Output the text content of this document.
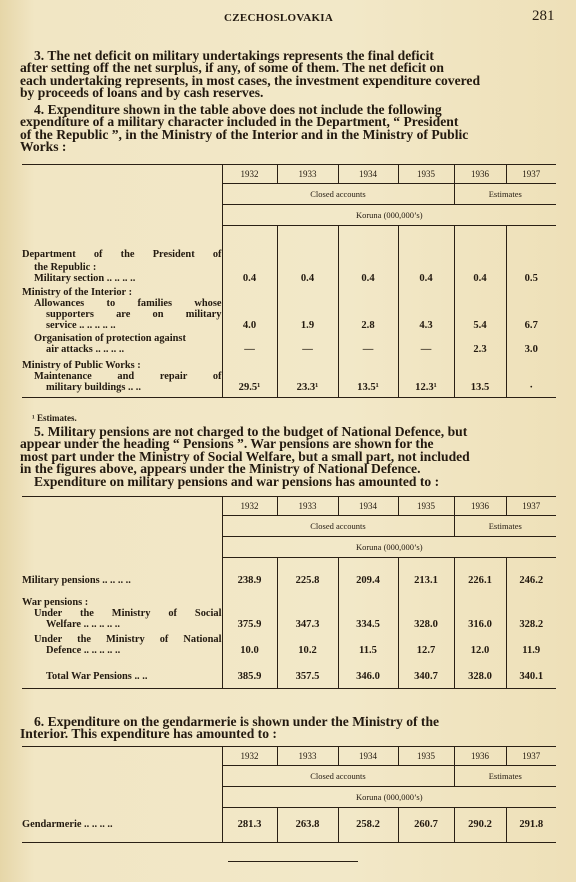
CZECHOSLOVAKIA	281

3. The net deficit on military undertakings represents the final deficit

after setting off the net surplus, if any, of some of them. The net deficit on

each undertaking represents, in most cases, the investment expenditure covered

by proceeds of loans and by cash reserves.

4. Expenditure shown in the table above does not include the following

expenditure of a military character included in the Department, “ President

of the Republic ”, in the Ministry of the Interior and in the Ministry of Public

Works :

	1932	1933	1934	1935	1936	1937
	Closed accounts				Estimates	
	Koruna (000,000’s)					

Department of the President of
the Republic :
Military section .. .. .. ..	0.4	0.4	0.4	0.4	0.4	0.5

Ministry of the Interior :
Allowances to families whose
supporters are on military
service .. .. .. .. ..	4.0	1.9	2.8	4.3	5.4	6.7

Organisation of protection against
air attacks .. .. .. ..	—	—	—	—	2.3	3.0

Ministry of Public Works :
Maintenance and repair of
military buildings .. ..	29.5¹	23.3¹	13.5¹	12.3¹	13.5	·
¹ Estimates.

5. Military pensions are not charged to the budget of National Defence, but

appear under the heading “ Pensions ”. War pensions are shown for the

most part under the Ministry of Social Welfare, but a small part, not included

in the figures above, appears under the Ministry of National Defence.

Expenditure on military pensions and war pensions has amounted to :

	1932	1933	1934	1935	1936	1937
	Closed accounts				Estimates	
	Koruna (000,000’s)					

Military pensions .. .. .. ..	238.9	225.8	209.4	213.1	226.1	246.2

War pensions :
Under the Ministry of Social
Welfare .. .. .. .. ..	375.9	347.3	334.5	328.0	316.0	328.2

Under the Ministry of National
Defence .. .. .. .. ..	10.0	10.2	11.5	12.7	12.0	11.9

Total War Pensions .. ..	385.9	357.5	346.0	340.7	328.0	340.1

6. Expenditure on the gendarmerie is shown under the Ministry of the

Interior. This expenditure has amounted to :

	1932	1933	1934	1935	1936	1937
	Closed accounts				Estimates	
	Koruna (000,000’s)					

Gendarmerie .. .. .. ..	281.3	263.8	258.2	260.7	290.2	291.8
